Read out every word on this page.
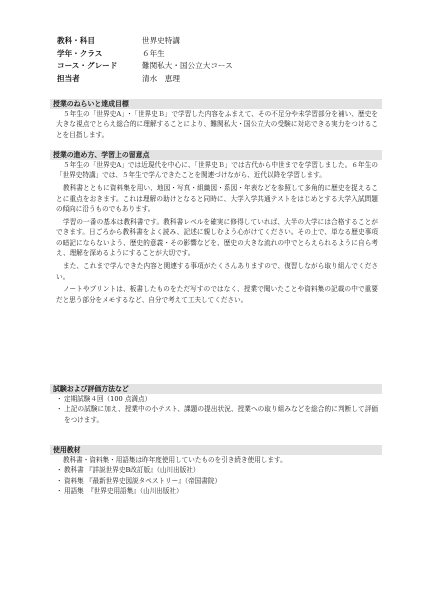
教科・科目	世界史特講
学年・クラス	６年生
コース・グレード	難関私大・国公立大コース
担当者	清水　恵理
授業のねらいと達成目標

５年生の「世界史A」･「世界史Ｂ」で学習した内容をふまえて、その不足分や未学習部分を補い、歴史を大きな視点でとらえ総合的に理解することにより、難関私大・国公立大の受験に対応できる実力をつけることを目指します。

授業の進め方、学習上の留意点

５年生の「世界史A」では近現代を中心に、「世界史Ｂ」では古代から中世までを学習しました。６年生の「世界史特講」では、５年生で学んできたことを関連づけながら、近代以降を学習します。

教科書とともに資料集を用い、地図・写真・組織図・系図・年表などを参照して多角的に歴史を捉えることに重点をおきます。これは理解の助けとなると同時に、大学入学共通テストをはじめとする大学入試問題の傾向に沿うものでもあります。

学習の一番の基本は教科書です。教科書レベルを確実に修得していれば、大半の大学には合格することができます。日ごろから教科書をよく読み、記述に親しむよう心がけてください。その上で、単なる歴史事項の暗記にならないよう、歴史的意義・その影響などを、歴史の大きな流れの中でとらえられるように自ら考え、理解を深めるようにすることが大切です。

また、これまで学んできた内容と関連する事項がたくさんありますので、復習しながら取り組んでください。

ノートやプリントは、板書したものをただ写すのではなく、授業で聞いたことや資料集の記載の中で重要だと思う部分をメモするなど、自分で考えて工夫してください。

試験および評価方法など
・定期試験４回（100 点満点）
・上記の試験に加え、授業中の小テスト、課題の提出状況、授業への取り組みなどを総合的に判断して評価をつけます。
使用教材

教科書・資料集・用語集は昨年度使用していたものを引き続き使用します。

・教科書 『詳説世界史B改訂版』（山川出版社）
・資料集 『最新世界史図説タペストリー』（帝国書院）
・用語集　『世界史用語集』（山川出版社）
